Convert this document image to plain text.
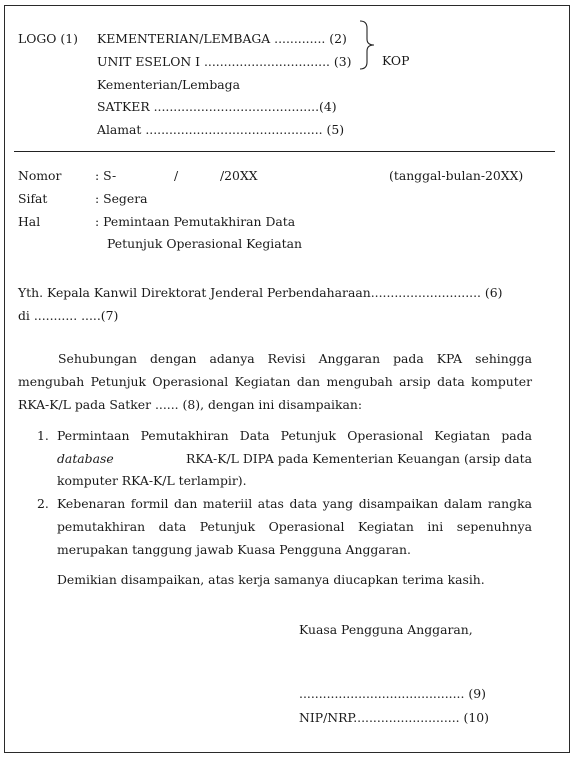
LOGO (1) KEMENTERIAN/LEMBAGA ............. (2)
UNIT ESELON I ................................ (3) KOP
Kementerian/Lembaga
SATKER ..........................................(4)
Alamat ............................................. (5)
Nomor	: S-	/	/20XX	(tanggal-bulan-20XX)
Sifat	: Segera
Hal	: Pemintaan Pemutakhiran Data
Petunjuk Operasional Kegiatan
Yth. Kepala Kanwil Direktorat Jenderal Perbendaharaan............................ (6)
di ........... .....(7)
Sehubungan dengan adanya Revisi Anggaran pada KPA sehingga
mengubah Petunjuk Operasional Kegiatan dan mengubah arsip data komputer
RKA-K/L pada Satker ...... (8), dengan ini disampaikan:
1. Permintaan Pemutakhiran Data Petunjuk Operasional Kegiatan pada
database	RKA-K/L DIPA pada Kementerian Keuangan (arsip data
komputer RKA-K/L terlampir).
2. Kebenaran formil dan materiil atas data yang disampaikan dalam rangka
pemutakhiran data Petunjuk Operasional Kegiatan ini sepenuhnya
merupakan tanggung jawab Kuasa Pengguna Anggaran.
Demikian disampaikan, atas kerja samanya diucapkan terima kasih.
Kuasa Pengguna Anggaran,
.......................................... (9)
NIP/NRP........................... (10)
